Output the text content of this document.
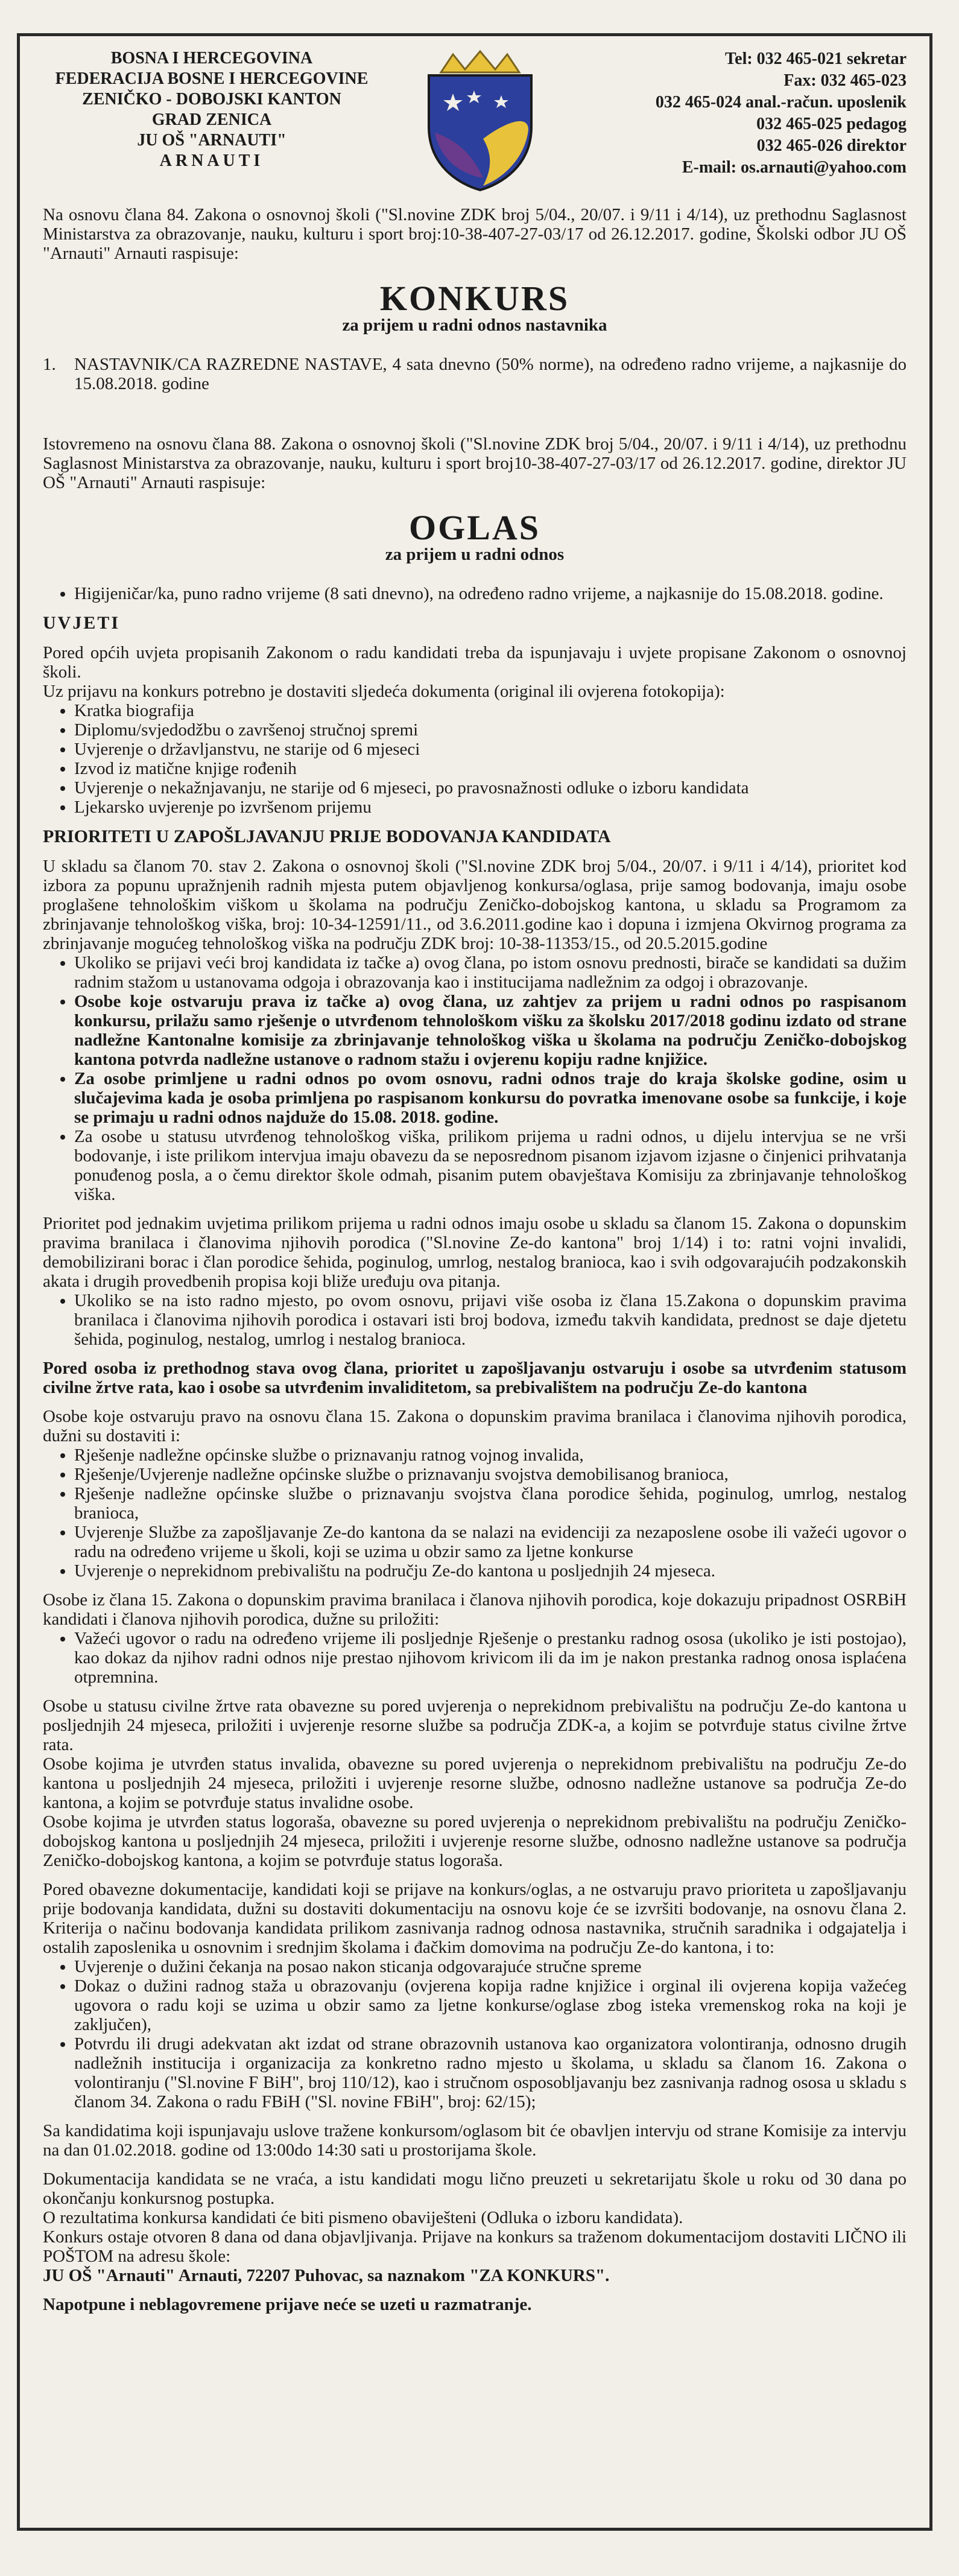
BOSNA I HERCEGOVINA
FEDERACIJA BOSNE I HERCEGOVINE
ZENIČKO - DOBOJSKI KANTON
GRAD ZENICA
JU OŠ "ARNAUTI"
ARNAUTI
Tel: 032 465-021 sekretar
Fax: 032 465-023
032 465-024 anal.-račun. uposlenik
032 465-025 pedagog
032 465-026 direktor
E-mail: os.arnauti@yahoo.com

Na osnovu člana 84. Zakona o osnovnoj školi ("Sl.novine ZDK broj 5/04., 20/07. i 9/11 i 4/14), uz prethodnu Saglasnost Ministarstva za obrazovanje, nauku, kulturu i sport broj:10-38-407-27-03/17 od 26.12.2017. godine, Školski odbor JU OŠ "Arnauti" Arnauti raspisuje:

KONKURS
za prijem u radni odnos nastavnika
1.	NASTAVNIK/CA RAZREDNE NASTAVE, 4 sata dnevno (50% norme), na određeno radno vrijeme, a najkasnije do 15.08.2018. godine

Istovremeno na osnovu člana 88. Zakona o osnovnoj školi ("Sl.novine ZDK broj 5/04., 20/07. i 9/11 i 4/14), uz prethodnu Saglasnost Ministarstva za obrazovanje, nauku, kulturu i sport broj10-38-407-27-03/17 od 26.12.2017. godine, direktor JU OŠ "Arnauti" Arnauti raspisuje:

OGLAS
za prijem u radni odnos
• Higijeničar/ka, puno radno vrijeme (8 sati dnevno), na određeno radno vrijeme, a najkasnije do 15.08.2018. godine.
UVJETI

Pored općih uvjeta propisanih Zakonom o radu kandidati treba da ispunjavaju i uvjete propisane Zakonom o osnovnoj školi.

Uz prijavu na konkurs potrebno je dostaviti sljedeća dokumenta (original ili ovjerena fotokopija):

• Kratka biografija
• Diplomu/svjedodžbu o završenoj stručnoj spremi
• Uvjerenje o državljanstvu, ne starije od 6 mjeseci
• Izvod iz matične knjige rođenih
• Uvjerenje o nekažnjavanju, ne starije od 6 mjeseci, po pravosnažnosti odluke o izboru kandidata
• Ljekarsko uvjerenje po izvršenom prijemu
PRIORITETI U ZAPOŠLJAVANJU PRIJE BODOVANJA KANDIDATA

U skladu sa članom 70. stav 2. Zakona o osnovnoj školi ("Sl.novine ZDK broj 5/04., 20/07. i 9/11 i 4/14), prioritet kod izbora za popunu upražnjenih radnih mjesta putem objavljenog konkursa/oglasa, prije samog bodovanja, imaju osobe proglašene tehnološkim viškom u školama na području Zeničko-dobojskog kantona, u skladu sa Programom za zbrinjavanje tehnološkog viška, broj: 10-34-12591/11., od 3.6.2011.godine kao i dopuna i izmjena Okvirnog programa za zbrinjavanje mogućeg tehnološkog viška na području ZDK broj: 10-38-11353/15., od 20.5.2015.godine

• Ukoliko se prijavi veći broj kandidata iz tačke a) ovog člana, po istom osnovu prednosti, birače se kandidati sa dužim radnim stažom u ustanovama odgoja i obrazovanja kao i institucijama nadležnim za odgoj i obrazovanje.
• Osobe koje ostvaruju prava iz tačke a) ovog člana, uz zahtjev za prijem u radni odnos po raspisanom konkursu, prilažu samo rješenje o utvrđenom tehnološkom višku za školsku 2017/2018 godinu izdato od strane nadležne Kantonalne komisije za zbrinjavanje tehnološkog viška u školama na području Zeničko-dobojskog kantona potvrda nadležne ustanove o radnom stažu i ovjerenu kopiju radne knjižice.
• Za osobe primljene u radni odnos po ovom osnovu, radni odnos traje do kraja školske godine, osim u slučajevima kada je osoba primljena po raspisanom konkursu do povratka imenovane osobe sa funkcije, i koje se primaju u radni odnos najduže do 15.08. 2018. godine.
• Za osobe u statusu utvrđenog tehnološkog viška, prilikom prijema u radni odnos, u dijelu intervjua se ne vrši bodovanje, i iste prilikom intervjua imaju obavezu da se neposrednom pisanom izjavom izjasne o činjenici prihvatanja ponuđenog posla, a o čemu direktor škole odmah, pisanim putem obavještava Komisiju za zbrinjavanje tehnološkog viška.

Prioritet pod jednakim uvjetima prilikom prijema u radni odnos imaju osobe u skladu sa članom 15. Zakona o dopunskim pravima branilaca i članovima njihovih porodica ("Sl.novine Ze-do kantona" broj 1/14) i to: ratni vojni invalidi, demobilizirani borac i član porodice šehida, poginulog, umrlog, nestalog branioca, kao i svih odgovarajućih podzakonskih akata i drugih provedbenih propisa koji bliže uređuju ova pitanja.

• Ukoliko se na isto radno mjesto, po ovom osnovu, prijavi više osoba iz člana 15.Zakona o dopunskim pravima branilaca i članovima njihovih porodica i ostavari isti broj bodova, između takvih kandidata, prednost se daje djetetu šehida, poginulog, nestalog, umrlog i nestalog branioca.

Pored osoba iz prethodnog stava ovog člana, prioritet u zapošljavanju ostvaruju i osobe sa utvrđenim statusom civilne žrtve rata, kao i osobe sa utvrđenim invaliditetom, sa prebivalištem na području Ze-do kantona

Osobe koje ostvaruju pravo na osnovu člana 15. Zakona o dopunskim pravima branilaca i članovima njihovih porodica, dužni su dostaviti i:

• Rješenje nadležne općinske službe o priznavanju ratnog vojnog invalida,
• Rješenje/Uvjerenje nadležne općinske službe o priznavanju svojstva demobilisanog branioca,
• Rješenje nadležne općinske službe o priznavanju svojstva člana porodice šehida, poginulog, umrlog, nestalog branioca,
• Uvjerenje Službe za zapošljavanje Ze-do kantona da se nalazi na evidenciji za nezaposlene osobe ili važeći ugovor o radu na određeno vrijeme u školi, koji se uzima u obzir samo za ljetne konkurse
• Uvjerenje o neprekidnom prebivalištu na području Ze-do kantona u posljednjih 24 mjeseca.

Osobe iz člana 15. Zakona o dopunskim pravima branilaca i članova njihovih porodica, koje dokazuju pripadnost OSRBiH kandidati i članova njihovih porodica, dužne su priložiti:

• Važeći ugovor o radu na određeno vrijeme ili posljednje Rješenje o prestanku radnog ososa (ukoliko je isti postojao), kao dokaz da njihov radni odnos nije prestao njihovom krivicom ili da im je nakon prestanka radnog onosa isplaćena otpremnina.

Osobe u statusu civilne žrtve rata obavezne su pored uvjerenja o neprekidnom prebivalištu na području Ze-do kantona u posljednjih 24 mjeseca, priložiti i uvjerenje resorne službe sa područja ZDK-a, a kojim se potvrđuje status civilne žrtve rata.

Osobe kojima je utvrđen status invalida, obavezne su pored uvjerenja o neprekidnom prebivalištu na području Ze-do kantona u posljednjih 24 mjeseca, priložiti i uvjerenje resorne službe, odnosno nadležne ustanove sa područja Ze-do kantona, a kojim se potvrđuje status invalidne osobe.

Osobe kojima je utvrđen status logoraša, obavezne su pored uvjerenja o neprekidnom prebivalištu na području Zeničko-dobojskog kantona u posljednjih 24 mjeseca, priložiti i uvjerenje resorne službe, odnosno nadležne ustanove sa područja Zeničko-dobojskog kantona, a kojim se potvrđuje status logoraša.

Pored obavezne dokumentacije, kandidati koji se prijave na konkurs/oglas, a ne ostvaruju pravo prioriteta u zapošljavanju prije bodovanja kandidata, dužni su dostaviti dokumentaciju na osnovu koje će se izvršiti bodovanje, na osnovu člana 2. Kriterija o načinu bodovanja kandidata prilikom zasnivanja radnog odnosa nastavnika, stručnih saradnika i odgajatelja i ostalih zaposlenika u osnovnim i srednjim školama i đačkim domovima na području Ze-do kantona, i to:

• Uvjerenje o dužini čekanja na posao nakon sticanja odgovarajuće stručne spreme
• Dokaz o dužini radnog staža u obrazovanju (ovjerena kopija radne knjižice i orginal ili ovjerena kopija važećeg ugovora o radu koji se uzima u obzir samo za ljetne konkurse/oglase zbog isteka vremenskog roka na koji je zaključen),
• Potvrdu ili drugi adekvatan akt izdat od strane obrazovnih ustanova kao organizatora volontiranja, odnosno drugih nadležnih institucija i organizacija za konkretno radno mjesto u školama, u skladu sa članom 16. Zakona o volontiranju ("Sl.novine F BiH", broj 110/12), kao i stručnom osposobljavanju bez zasnivanja radnog ososa u skladu s članom 34. Zakona o radu FBiH ("Sl. novine FBiH", broj: 62/15);

Sa kandidatima koji ispunjavaju uslove tražene konkursom/oglasom bit će obavljen intervju od strane Komisije za intervju na dan 01.02.2018. godine od 13:00do 14:30 sati u prostorijama škole.

Dokumentacija kandidata se ne vraća, a istu kandidati mogu lično preuzeti u sekretarijatu škole u roku od 30 dana po okončanju konkursnog postupka.

O rezultatima konkursa kandidati će biti pismeno obaviješteni (Odluka o izboru kandidata).

Konkurs ostaje otvoren 8 dana od dana objavljivanja. Prijave na konkurs sa traženom dokumentacijom dostaviti LIČNO ili POŠTOM na adresu škole:

JU OŠ "Arnauti" Arnauti, 72207 Puhovac, sa naznakom "ZA KONKURS".

Napotpune i neblagovremene prijave neće se uzeti u razmatranje.
